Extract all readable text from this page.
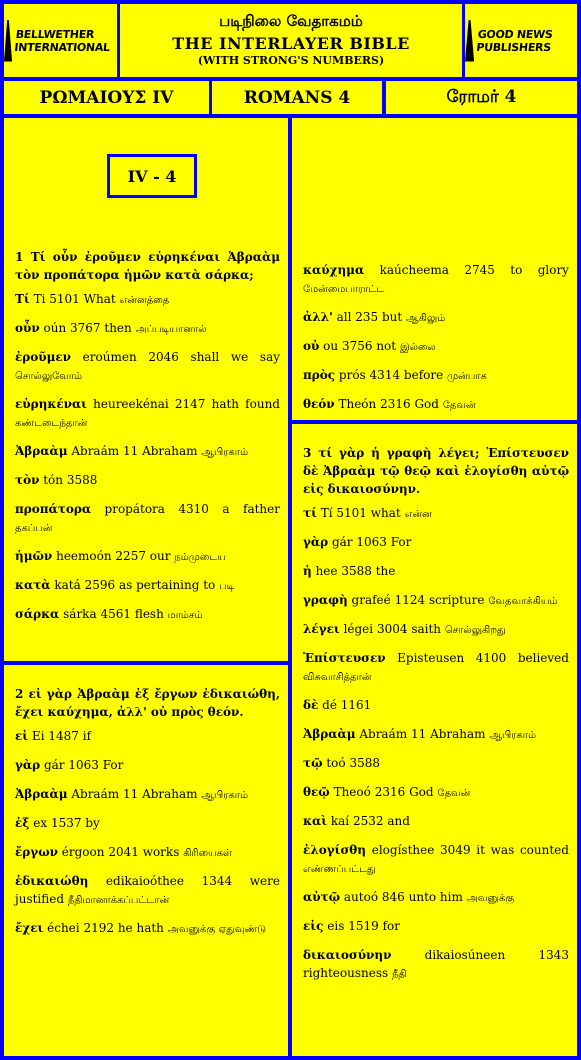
BELLWETHER INTERNATIONAL
படிநிலை வேதாகமம்
THE INTERLAYER BIBLE
(WITH STRONG'S NUMBERS)
GOOD NEWS PUBLISHERS
ΡΩΜΑΙΟΥΣ IV	ROMANS 4	ரோமர் 4
IV - 4

1 Τί οὖν ἐροῦμεν εὑρηκέναι Ἀβραὰμ τὸν προπάτορα ἡμῶν κατὰ σάρκα;

Τί Ti 5101 What என்னத்தை
οὖν oún 3767 then அப்படியானால்
ἐροῦμεν eroúmen 2046 shall we say சொல்லுவோம்
εὑρηκέναι heureekénai 2147 hath found கண்டடைந்தான்
Ἀβραὰμ Abraám 11 Abraham ஆபிரகாம்
τὸν tón 3588
προπάτορα propátora 4310 a father தகப்பன்
ἡμῶν heemoón 2257 our நம்முடைய
κατὰ katá 2596 as pertaining to படி
σάρκα sárka 4561 flesh மாம்சம்

2 εἰ γὰρ Ἀβραὰμ ἐξ ἔργων ἐδικαιώθη, ἔχει καύχημα, ἀλλ' οὐ πρὸς θεόν.

εἰ Ei 1487 if
γὰρ gár 1063 For
Ἀβραὰμ Abraám 11 Abraham ஆபிரகாம்
ἐξ ex 1537 by
ἔργων érgoon 2041 works கிரியைகள்
ἐδικαιώθη edikaioóthee 1344 were justified நீதிமானாக்கப்பட்டான்
ἔχει échei 2192 he hath அவனுக்கு ஏதுவுண்டு
καύχημα kaúcheema 2745 to glory மேன்மைபாராட்ட
ἀλλ' all 235 but ஆகிலும்
οὐ ou 3756 not இல்லை
πρὸς prós 4314 before முன்பாக
θεόν Theón 2316 God தேவன்

3 τί γὰρ ἡ γραφὴ λέγει; Ἐπίστευσεν δὲ Ἀβραὰμ τῷ θεῷ καὶ ἐλογίσθη αὐτῷ εἰς δικαιοσύνην.

τί Tí 5101 what என்ன
γὰρ gár 1063 For
ἡ hee 3588 the
γραφὴ grafeé 1124 scripture வேதவாக்கியம்
λέγει légei 3004 saith சொல்லுகிறது
Ἐπίστευσεν Episteusen 4100 believed விசுவாசித்தான்
δὲ dé 1161
Ἀβραὰμ Abraám 11 Abraham ஆபிரகாம்
τῷ toó 3588
θεῷ Theoó 2316 God தேவன்
καὶ kaí 2532 and
ἐλογίσθη elogísthee 3049 it was counted எண்ணப்பட்டது
αὐτῷ autoó 846 unto him அவனுக்கு
εἰς eis 1519 for
δικαιοσύνην	dikaiosúneen	1343 righteousness நீதி
